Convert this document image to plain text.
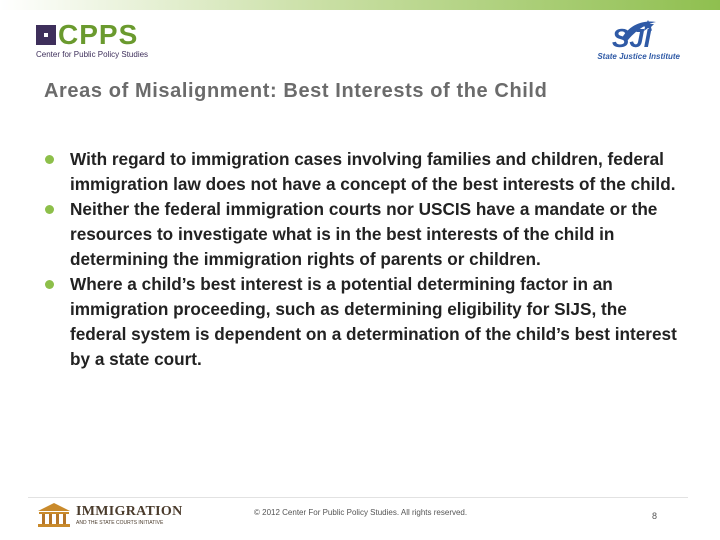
CPPS
Center for Public Policy Studies
SJI
State Justice Institute
Areas of Misalignment: Best Interests of the Child
With regard to immigration cases involving families and children, federal immigration law does not have a concept of the best interests of the child.
Neither the federal immigration courts nor USCIS have a mandate or the resources to investigate what is in the best interests of the child in determining the immigration rights of parents or children.
Where a child’s best interest is a potential determining factor in an immigration proceeding, such as determining eligibility for SIJS, the federal system is dependent on a determination of the child’s best interest by a state court.
IMMIGRATION
AND THE STATE COURTS INITIATIVE
© 2012 Center For Public Policy Studies. All rights reserved.	8
